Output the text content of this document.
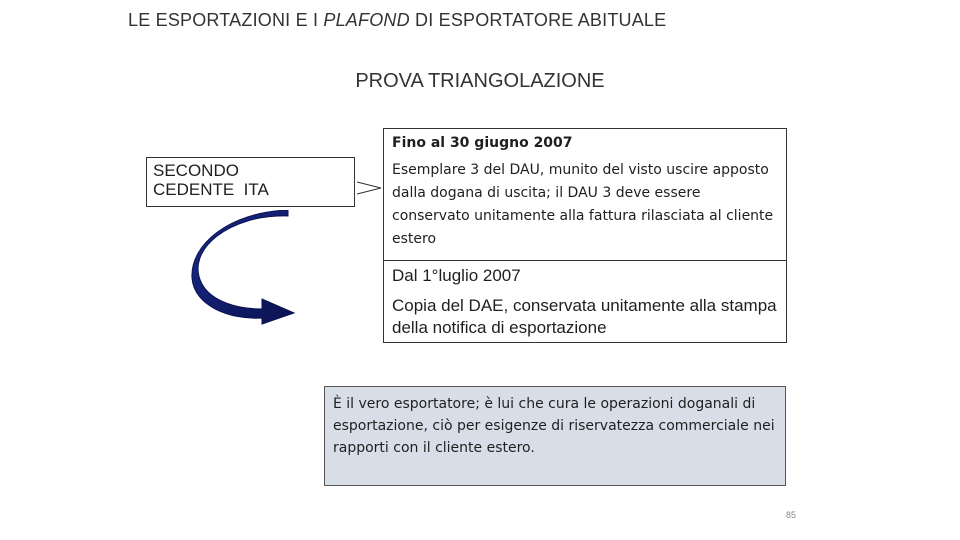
LE ESPORTAZIONI E I PLAFOND DI ESPORTATORE ABITUALE
PROVA TRIANGOLAZIONE
SECONDO
CEDENTE  ITA
Fino al 30 giugno 2007
Esemplare 3 del DAU, munito del visto uscire apposto dalla dogana di uscita; il DAU 3 deve essere conservato unitamente alla fattura rilasciata al cliente estero
Dal 1°luglio 2007
Copia del DAE, conservata unitamente alla stampa della notifica di esportazione
È il vero esportatore; è lui che cura le operazioni doganali di esportazione, ciò per esigenze di riservatezza commerciale nei rapporti con il cliente estero.
85
